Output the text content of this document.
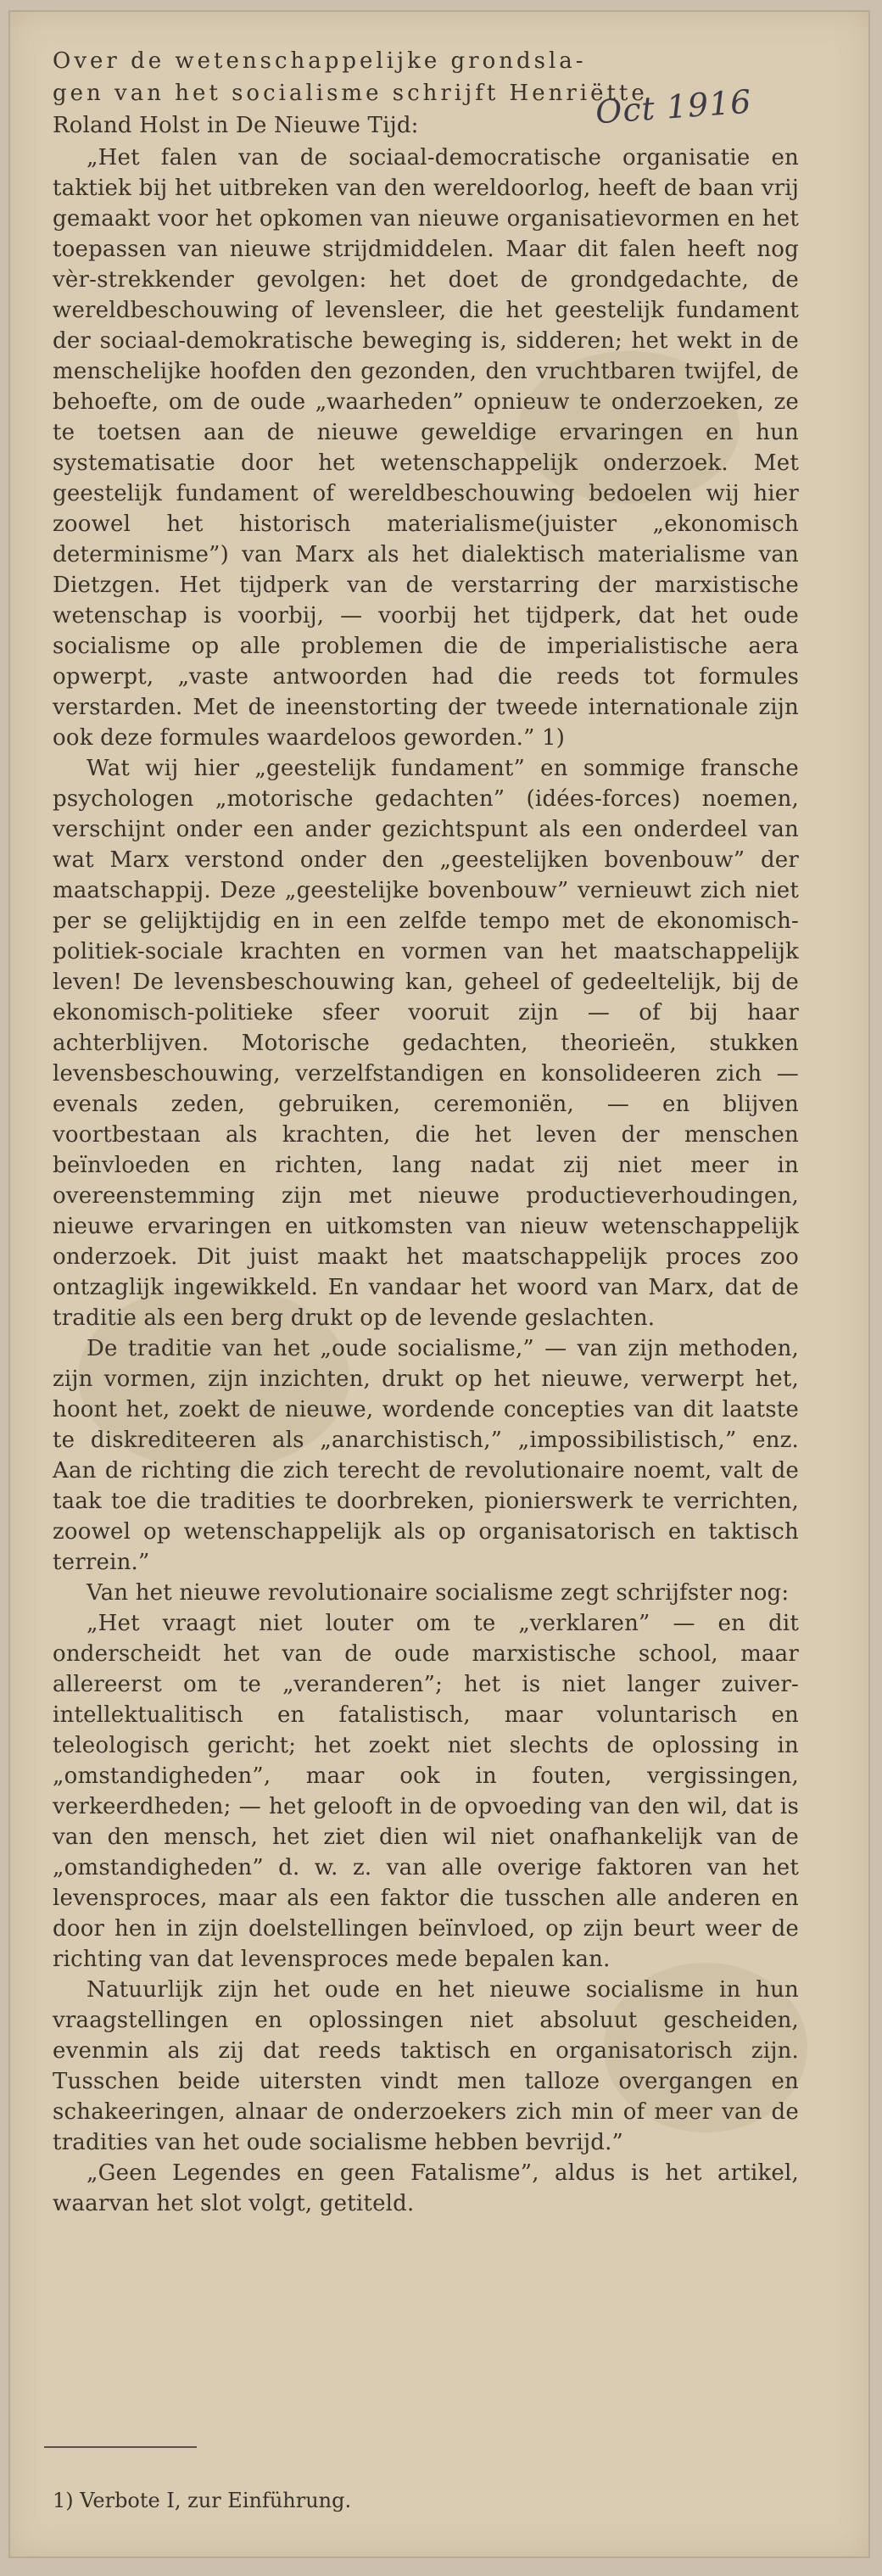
Over de wetenschappelijke grondsla-

gen van het socialisme schrijft Henriëtte

Roland Holst in De Nieuwe Tijd:

„Het falen van de sociaal-democratische organisatie en taktiek bij het uitbreken van den wereldoorlog, heeft de baan vrij gemaakt voor het opkomen van nieuwe organisatievormen en het toepassen van nieuwe strijdmiddelen. Maar dit falen heeft nog vèr-strekkender gevolgen: het doet de grondgedachte, de wereldbeschouwing of levensleer, die het geestelijk fundament der sociaal-demokratische beweging is, sidderen; het wekt in de menschelijke hoofden den gezonden, den vruchtbaren twijfel, de behoefte, om de oude „waarheden” opnieuw te onderzoeken, ze te toetsen aan de nieuwe geweldige ervaringen en hun systematisatie door het wetenschappelijk onderzoek. Met geestelijk fundament of wereldbeschouwing bedoelen wij hier zoowel het historisch materialisme(juister „ekonomisch determinisme”) van Marx als het dialektisch materialisme van Dietzgen. Het tijdperk van de verstarring der marxistische wetenschap is voorbij, — voorbij het tijdperk, dat het oude socialisme op alle problemen die de imperialistische aera opwerpt, „vaste antwoorden had die reeds tot formules verstarden. Met de ineenstorting der tweede internationale zijn ook deze formules waardeloos geworden.” 1)

Wat wij hier „geestelijk fundament” en sommige fransche psychologen „motorische gedachten” (idées-forces) noemen, verschijnt onder een ander gezichtspunt als een onderdeel van wat Marx verstond onder den „geestelijken bovenbouw” der maatschappij. Deze „geestelijke bovenbouw” vernieuwt zich niet per se gelijktijdig en in een zelfde tempo met de ekonomisch-politiek-sociale krachten en vormen van het maatschappelijk leven! De levensbeschouwing kan, geheel of gedeeltelijk, bij de ekonomisch-politieke sfeer vooruit zijn — of bij haar achterblijven. Motorische gedachten, theorieën, stukken levensbeschouwing, verzelfstandigen en konsolideeren zich — evenals zeden, gebruiken, ceremoniën, — en blijven voortbestaan als krachten, die het leven der menschen beïnvloeden en richten, lang nadat zij niet meer in overeenstemming zijn met nieuwe productieverhoudingen, nieuwe ervaringen en uitkomsten van nieuw wetenschappelijk onderzoek. Dit juist maakt het maatschappelijk proces zoo ontzaglijk ingewikkeld. En vandaar het woord van Marx, dat de traditie als een berg drukt op de levende geslachten.

De traditie van het „oude socialisme,” — van zijn methoden, zijn vormen, zijn inzichten, drukt op het nieuwe, verwerpt het, hoont het, zoekt de nieuwe, wordende concepties van dit laatste te diskrediteeren als „anarchistisch,” „impossibilistisch,” enz. Aan de richting die zich terecht de revolutionaire noemt, valt de taak toe die tradities te doorbreken, pionierswerk te verrichten, zoowel op wetenschappelijk als op organisatorisch en taktisch terrein.”

Van het nieuwe revolutionaire socialisme zegt schrijfster nog:

„Het vraagt niet louter om te „verklaren” — en dit onderscheidt het van de oude marxistische school, maar allereerst om te „veranderen”; het is niet langer zuiver-intellektualitisch en fatalistisch, maar voluntarisch en teleologisch gericht; het zoekt niet slechts de oplossing in „omstandigheden”, maar ook in fouten, vergissingen, verkeerdheden; — het gelooft in de opvoeding van den wil, dat is van den mensch, het ziet dien wil niet onafhankelijk van de „omstandigheden” d. w. z. van alle overige faktoren van het levensproces, maar als een faktor die tusschen alle anderen en door hen in zijn doelstellingen beïnvloed, op zijn beurt weer de richting van dat levensproces mede bepalen kan.

Natuurlijk zijn het oude en het nieuwe socialisme in hun vraagstellingen en oplossingen niet absoluut gescheiden, evenmin als zij dat reeds taktisch en organisatorisch zijn. Tusschen beide uitersten vindt men talloze overgangen en schakeeringen, alnaar de onderzoekers zich min of meer van de tradities van het oude socialisme hebben bevrijd.”

„Geen Legendes en geen Fatalisme”, aldus is het artikel, waarvan het slot volgt, getiteld.

Oct 1916
1) Verbote I, zur Einführung.
